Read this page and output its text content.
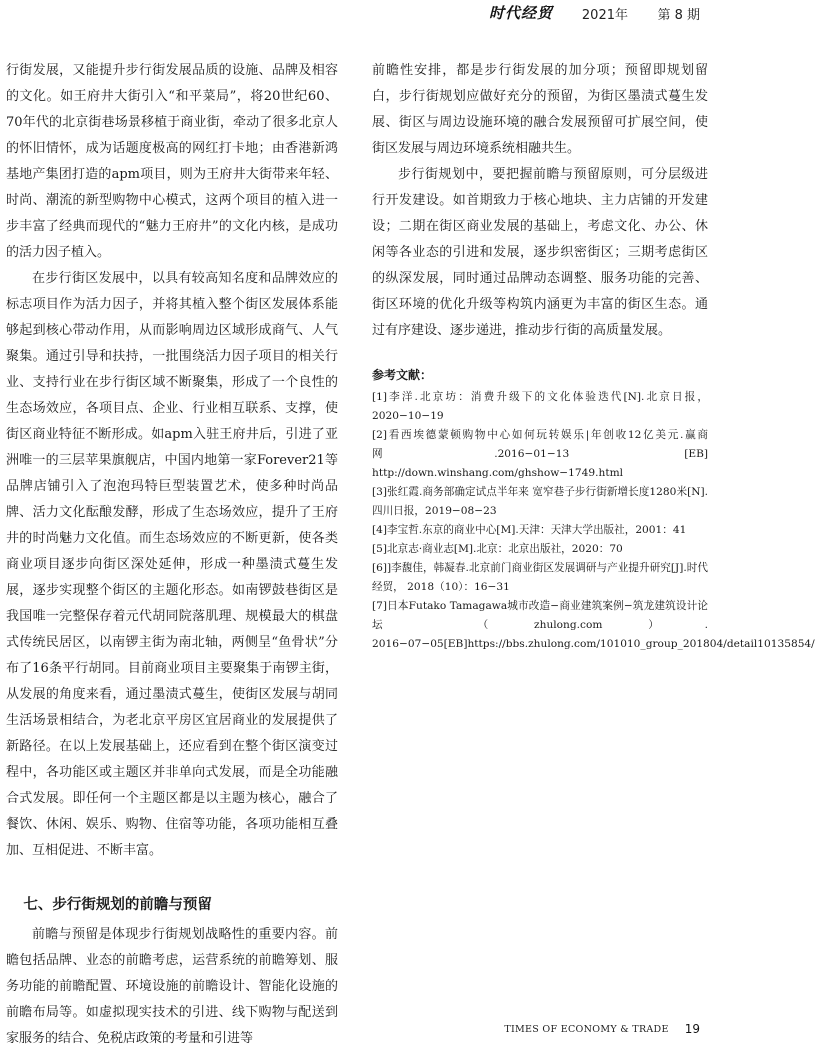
时代经贸 2021年 第 8 期

行街发展，又能提升步行街发展品质的设施、品牌及相容的文化。如王府井大街引入“和平菜局”，将20世纪60、70年代的北京街巷场景移植于商业街，牵动了很多北京人的怀旧情怀，成为话题度极高的网红打卡地；由香港新鸿基地产集团打造的apm项目，则为王府井大街带来年轻、时尚、潮流的新型购物中心模式，这两个项目的植入进一步丰富了经典而现代的“魅力王府井”的文化内核，是成功的活力因子植入。

在步行街区发展中，以具有较高知名度和品牌效应的标志项目作为活力因子，并将其植入整个街区发展体系能够起到核心带动作用，从而影响周边区域形成商气、人气聚集。通过引导和扶持，一批围绕活力因子项目的相关行业、支持行业在步行街区域不断聚集，形成了一个良性的生态场效应，各项目点、企业、行业相互联系、支撑，使街区商业特征不断形成。如apm入驻王府井后，引进了亚洲唯一的三层苹果旗舰店，中国内地第一家Forever21等品牌店铺引入了泡泡玛特巨型装置艺术，使多种时尚品牌、活力文化酝酿发酵，形成了生态场效应，提升了王府井的时尚魅力文化值。而生态场效应的不断更新，使各类商业项目逐步向街区深处延伸，形成一种墨渍式蔓生发展，逐步实现整个街区的主题化形态。如南锣鼓巷街区是我国唯一完整保存着元代胡同院落肌理、规模最大的棋盘式传统民居区，以南锣主街为南北轴，两侧呈“鱼骨状”分布了16条平行胡同。目前商业项目主要聚集于南锣主街，从发展的角度来看，通过墨渍式蔓生，使街区发展与胡同生活场景相结合，为老北京平房区宜居商业的发展提供了新路径。在以上发展基础上，还应看到在整个街区演变过程中，各功能区或主题区并非单向式发展，而是全功能融合式发展。即任何一个主题区都是以主题为核心，融合了餐饮、休闲、娱乐、购物、住宿等功能，各项功能相互叠加、互相促进、不断丰富。

七、步行街规划的前瞻与预留

前瞻与预留是体现步行街规划战略性的重要内容。前瞻包括品牌、业态的前瞻考虑，运营系统的前瞻筹划、服务功能的前瞻配置、环境设施的前瞻设计、智能化设施的前瞻布局等。如虚拟现实技术的引进、线下购物与配送到家服务的结合、免税店政策的考量和引进等

前瞻性安排，都是步行街发展的加分项；预留即规划留白，步行街规划应做好充分的预留，为街区墨渍式蔓生发展、街区与周边设施环境的融合发展预留可扩展空间，使街区发展与周边环境系统相融共生。

步行街规划中，要把握前瞻与预留原则，可分层级进行开发建设。如首期致力于核心地块、主力店铺的开发建设；二期在街区商业发展的基础上，考虑文化、办公、休闲等各业态的引进和发展，逐步织密街区；三期考虑街区的纵深发展，同时通过品牌动态调整、服务功能的完善、街区环境的优化升级等构筑内涵更为丰富的街区生态。通过有序建设、逐步递进，推动步行街的高质量发展。

参考文献：

[1]李洋.北京坊：消费升级下的文化体验迭代[N].北京日报，2020−10−19

[2]看西埃德蒙顿购物中心如何玩转娱乐|年创收12亿美元.赢商网.2016−01−13 [EB] http://down.winshang.com/ghshow−1749.html

[3]张红霞.商务部确定试点半年来 宽窄巷子步行街新增长度1280米[N].四川日报，2019−08−23

[4]李宝哲.东京的商业中心[M].天津：天津大学出版社，2001：41

[5]北京志·商业志[M].北京：北京出版社，2020：70

[6]]李馥佳，韩凝春.北京前门商业街区发展调研与产业提升研究[J].时代经贸， 2018（10）：16−31

[7]日本Futako Tamagawa城市改造−商业建筑案例−筑龙建筑设计论坛 （zhulong.com）. 2016−07−05[EB]https://bbs.zhulong.com/101010_group_201804/detail10135854/

TIMES OF ECONOMY & TRADE 19
